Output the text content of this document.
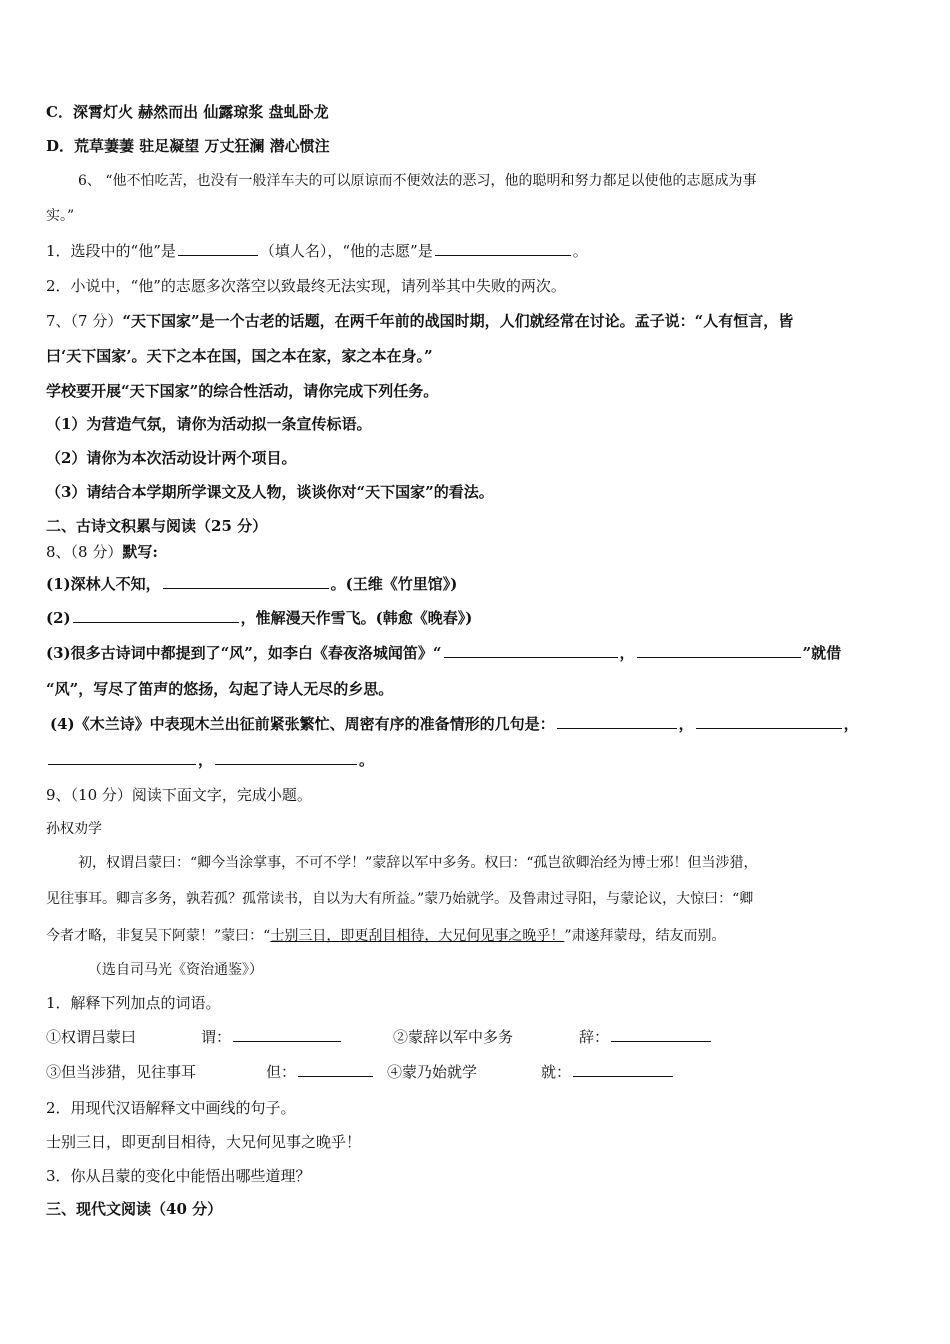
C．深霄灯火 赫然而出 仙露琼浆 盘虬卧龙
D．荒草萋萋 驻足凝望 万丈狂澜 潜心惯注
6、 “他不怕吃苦，也没有一般洋车夫的可以原谅而不便效法的恶习，他的聪明和努力都足以使他的志愿成为事
实。”
1．选段中的“他”是	（填人名），“他的志愿”是	。
2．小说中，“他”的志愿多次落空以致最终无法实现，请列举其中失败的两次。
7、（7 分）“天下国家”是一个古老的话题，在两千年前的战国时期，人们就经常在讨论。孟子说：“人有恒言，皆
曰‘天下国家’。天下之本在国，国之本在家，家之本在身。”
学校要开展“天下国家”的综合性活动，请你完成下列任务。
（1）为营造气氛，请你为活动拟一条宣传标语。
（2）请你为本次活动设计两个项目。
（3）请结合本学期所学课文及人物，谈谈你对“天下国家”的看法。
二、古诗文积累与阅读（25 分）
8、（8 分）默写:
(1)深林人不知，	。(王维《竹里馆》)
(2)	，惟解漫天作雪飞。(韩愈《晚春》)
(3)很多古诗词中都提到了“风”，如李白《春夜洛城闻笛》“	，	”就借
“风”，写尽了笛声的悠扬，勾起了诗人无尽的乡思。
(4)《木兰诗》中表现木兰出征前紧张繁忙、周密有序的准备情形的几句是：	，	，
，	。
9、（10 分）阅读下面文字，完成小题。
孙权劝学
初，权谓吕蒙曰：“卿今当涂掌事，不可不学！”蒙辞以军中多务。权曰：“孤岂欲卿治经为博士邪！但当涉猎，
见往事耳。卿言多务，孰若孤？孤常读书，自以为大有所益。”蒙乃始就学。及鲁肃过寻阳，与蒙论议，大惊曰：“卿
今者才略，非复吴下阿蒙！”蒙曰：“士别三日，即更刮目相待，大兄何见事之晚乎！”肃遂拜蒙母，结友而别。
（选自司马光《资治通鉴》）
1．解释下列加点的词语。
①权谓吕蒙曰	谓：	②蒙辞以军中多务	辞：
③但当涉猎，见往事耳	但：	④蒙乃始就学	就：
2．用现代汉语解释文中画线的句子。
士别三日，即更刮目相待，大兄何见事之晚乎！
3．你从吕蒙的变化中能悟出哪些道理？
三、现代文阅读（40 分）
